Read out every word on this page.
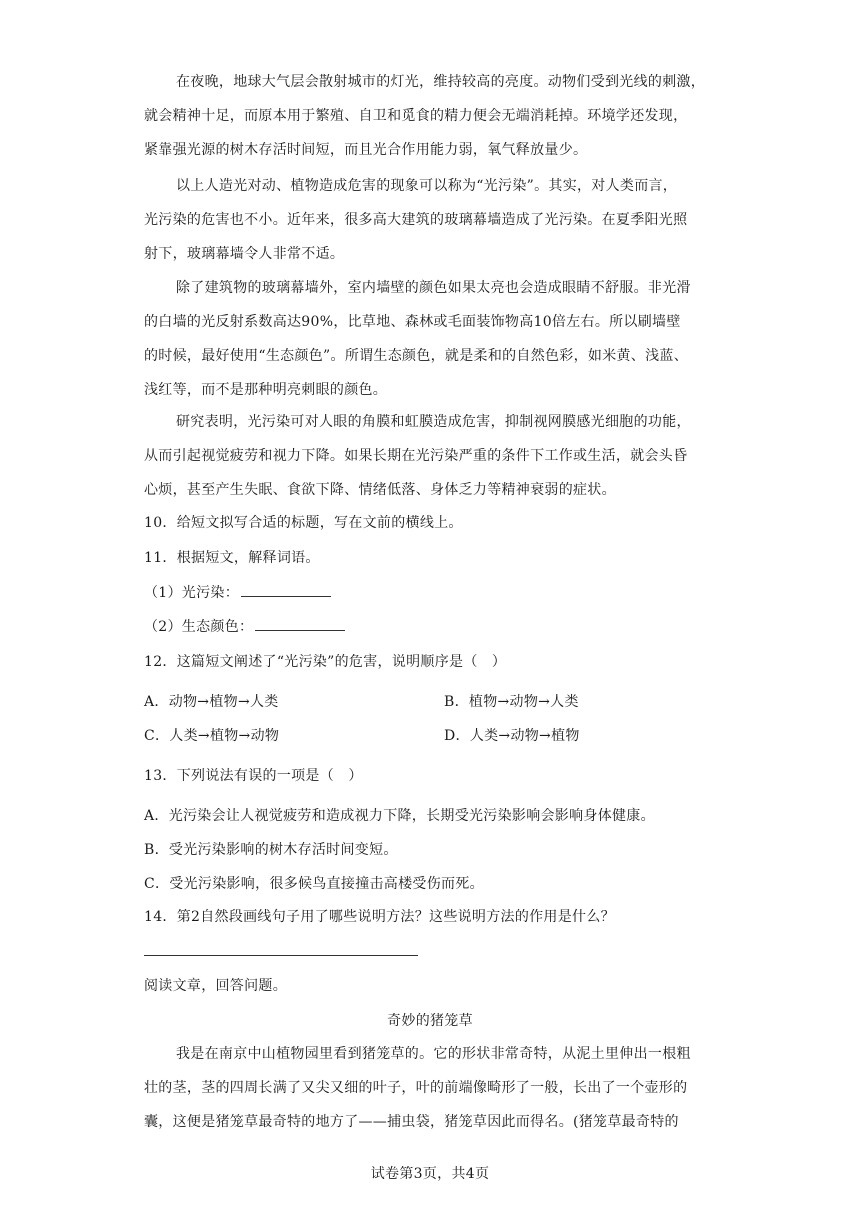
在夜晚，地球大气层会散射城市的灯光，维持较高的亮度。动物们受到光线的刺激，
就会精神十足，而原本用于繁殖、自卫和觅食的精力便会无端消耗掉。环境学还发现，
紧靠强光源的树木存活时间短，而且光合作用能力弱，氧气释放量少。
以上人造光对动、植物造成危害的现象可以称为“光污染”。其实，对人类而言，
光污染的危害也不小。近年来，很多高大建筑的玻璃幕墙造成了光污染。在夏季阳光照
射下，玻璃幕墙令人非常不适。
除了建筑物的玻璃幕墙外，室内墙壁的颜色如果太亮也会造成眼睛不舒服。非光滑
的白墙的光反射系数高达90%，比草地、森林或毛面装饰物高10倍左右。所以刷墙壁
的时候，最好使用“生态颜色”。所谓生态颜色，就是柔和的自然色彩，如米黄、浅蓝、
浅红等，而不是那种明亮刺眼的颜色。
研究表明，光污染可对人眼的角膜和虹膜造成危害，抑制视网膜感光细胞的功能，
从而引起视觉疲劳和视力下降。如果长期在光污染严重的条件下工作或生活，就会头昏
心烦，甚至产生失眠、食欲下降、情绪低落、身体乏力等精神衰弱的症状。
10．给短文拟写合适的标题，写在文前的横线上。
11．根据短文，解释词语。
（1）光污染：
（2）生态颜色：
12．这篇短文阐述了“光污染”的危害，说明顺序是（　）
A．动物→植物→人类	B．植物→动物→人类
C．人类→植物→动物	D．人类→动物→植物
13．下列说法有误的一项是（　）
A．光污染会让人视觉疲劳和造成视力下降，长期受光污染影响会影响身体健康。
B．受光污染影响的树木存活时间变短。
C．受光污染影响，很多候鸟直接撞击高楼受伤而死。
14．第2自然段画线句子用了哪些说明方法？这些说明方法的作用是什么？
阅读文章，回答问题。
奇妙的猪笼草
我是在南京中山植物园里看到猪笼草的。它的形状非常奇特，从泥土里伸出一根粗
壮的茎，茎的四周长满了又尖又细的叶子，叶的前端像畸形了一般，长出了一个壶形的
囊，这便是猪笼草最奇特的地方了——捕虫袋，猪笼草因此而得名。(猪笼草最奇特的
试卷第3页，共4页
